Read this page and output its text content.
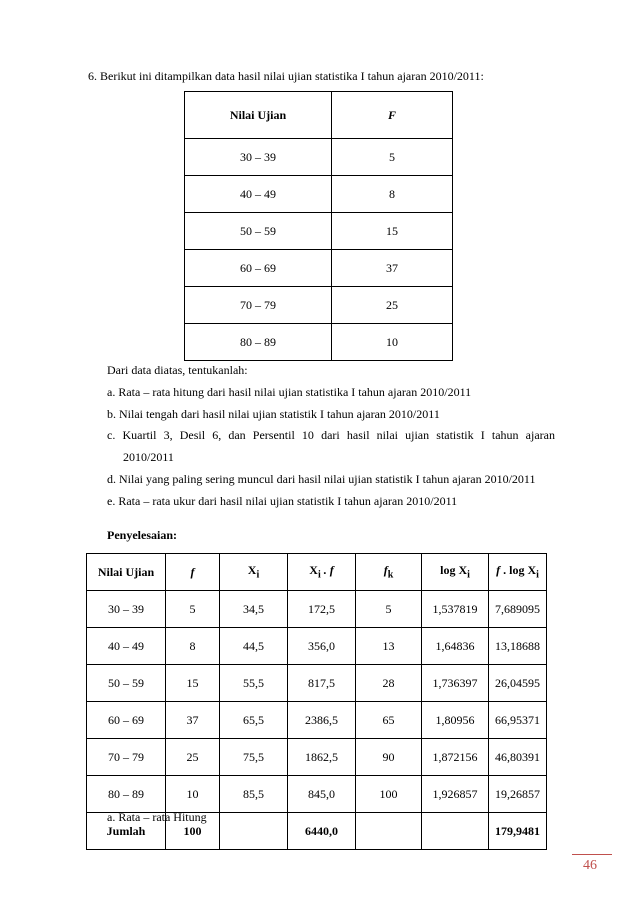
6. Berikut ini ditampilkan data hasil nilai ujian statistika I tahun ajaran 2010/2011:
Nilai Ujian	F
30 – 39	5
40 – 49	8
50 – 59	15
60 – 69	37
70 – 79	25
80 – 89	10
Dari data diatas, tentukanlah:
a. Rata – rata hitung dari hasil nilai ujian statistika I tahun ajaran 2010/2011
b. Nilai tengah dari hasil nilai ujian statistik I tahun ajaran 2010/2011
c. Kuartil 3, Desil 6, dan Persentil 10 dari hasil nilai ujian statistik I tahun ajaran
2010/2011
d. Nilai yang paling sering muncul dari hasil nilai ujian statistik I tahun ajaran 2010/2011
e. Rata – rata ukur dari hasil nilai ujian statistik I tahun ajaran 2010/2011
Penyelesaian:
Nilai Ujian	f	$X_i$	$X_i$ . f	$f_k$	$\log X_i$	f . $\log X_i$
30 – 39	5	34,5	172,5	5	1,537819	7,689095
40 – 49	8	44,5	356,0	13	1,64836	13,18688
50 – 59	15	55,5	817,5	28	1,736397	26,04595
60 – 69	37	65,5	2386,5	65	1,80956	66,95371
70 – 79	25	75,5	1862,5	90	1,872156	46,80391
80 – 89	10	85,5	845,0	100	1,926857	19,26857
Jumlah	100		6440,0			179,9481
a. Rata – rata Hitung
46
